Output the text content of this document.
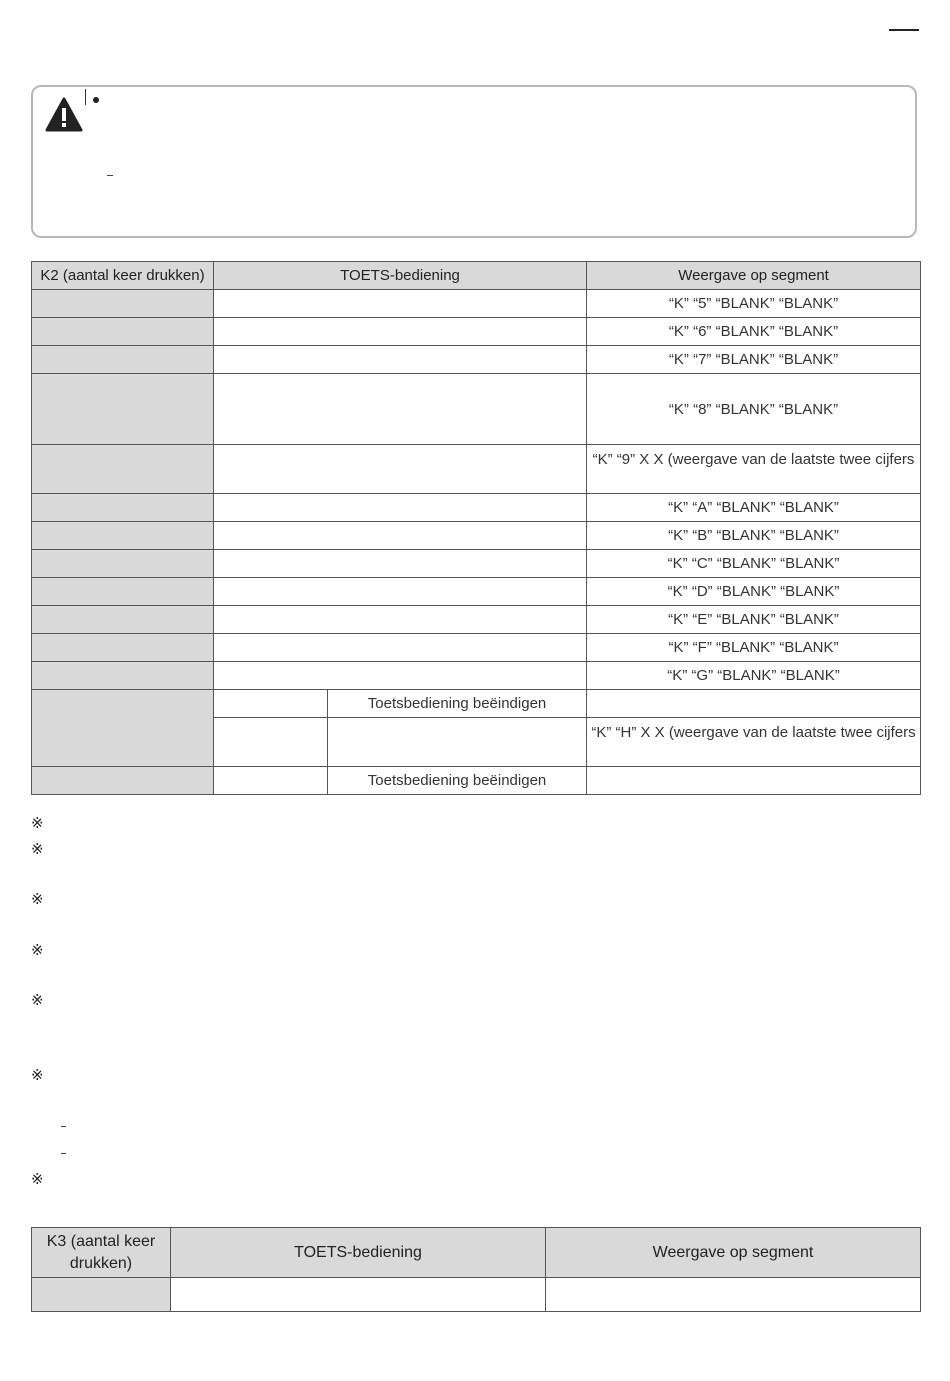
K2 (aantal keer drukken)	TOETS-bediening		Weergave op segment
			“K” “5” “BLANK” “BLANK”
			“K” “6” “BLANK” “BLANK”
			“K” “7” “BLANK” “BLANK”
			“K” “8” “BLANK” “BLANK”
			“K” “9” X X (weergave van de laatste twee cijfers
			“K” “A” “BLANK” “BLANK”
			“K” “B” “BLANK” “BLANK”
			“K” “C” “BLANK” “BLANK”
			“K” “D” “BLANK” “BLANK”
			“K” “E” “BLANK” “BLANK”
			“K” “F” “BLANK” “BLANK”
			“K” “G” “BLANK” “BLANK”
		Toetsbediening beëindigen	
			“K” “H” X X (weergave van de laatste twee cijfers
		Toetsbediening beëindigen	
※
※
※
※
※
※
※
K3 (aantal keer drukken)	TOETS-bediening	Weergave op segment
